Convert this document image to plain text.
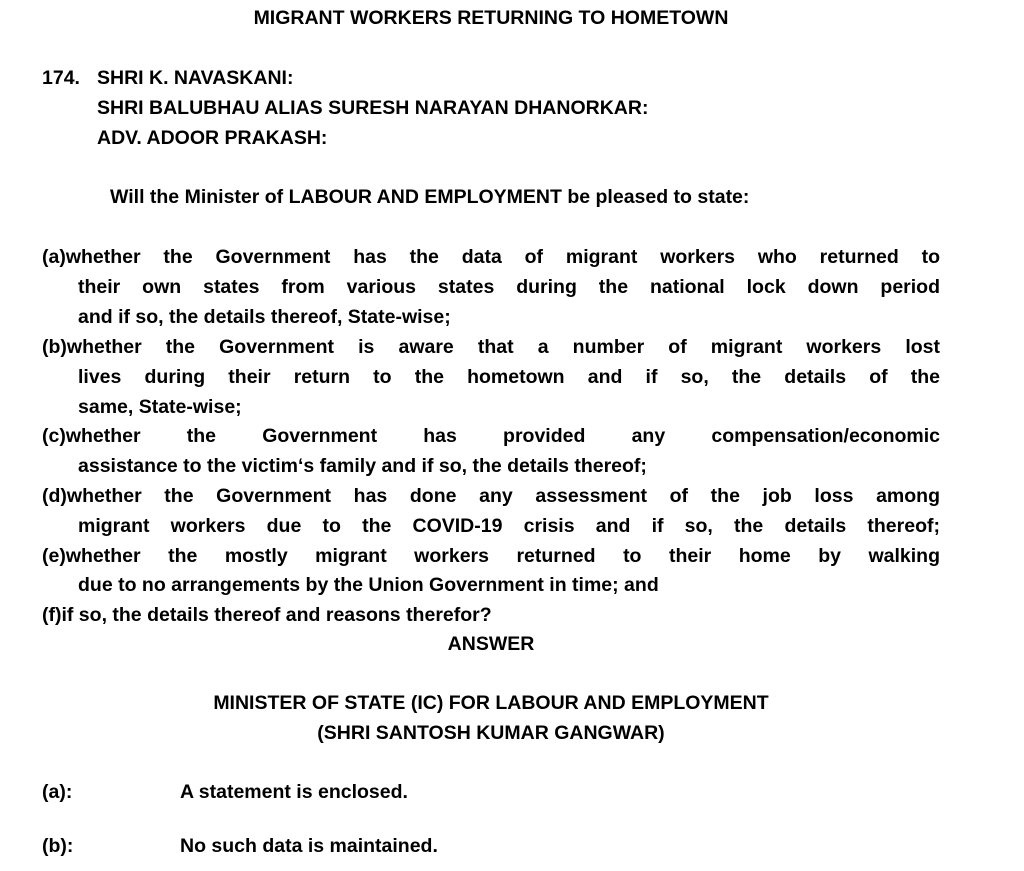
MIGRANT WORKERS RETURNING TO HOMETOWN
174. SHRI K. NAVASKANI:
SHRI BALUBHAU ALIAS SURESH NARAYAN DHANORKAR:
ADV. ADOOR PRAKASH:
Will the Minister of LABOUR AND EMPLOYMENT be pleased to state:
(a)whether the Government has the data of migrant workers who returned to
their own states from various states during the national lock down period
and if so, the details thereof, State-wise;
(b)whether the Government is aware that a number of migrant workers lost
lives during their return to the hometown and if so, the details of the
same, State-wise;
(c)whether the Government has provided any compensation/economic
assistance to the victim‘s family and if so, the details thereof;
(d)whether the Government has done any assessment of the job loss among
migrant workers due to the COVID-19 crisis and if so, the details thereof;
(e)whether the mostly migrant workers returned to their home by walking
due to no arrangements by the Union Government in time; and
(f)if so, the details thereof and reasons therefor?
ANSWER
MINISTER OF STATE (IC) FOR LABOUR AND EMPLOYMENT
(SHRI SANTOSH KUMAR GANGWAR)
(a):	A statement is enclosed.
(b):	No such data is maintained.
